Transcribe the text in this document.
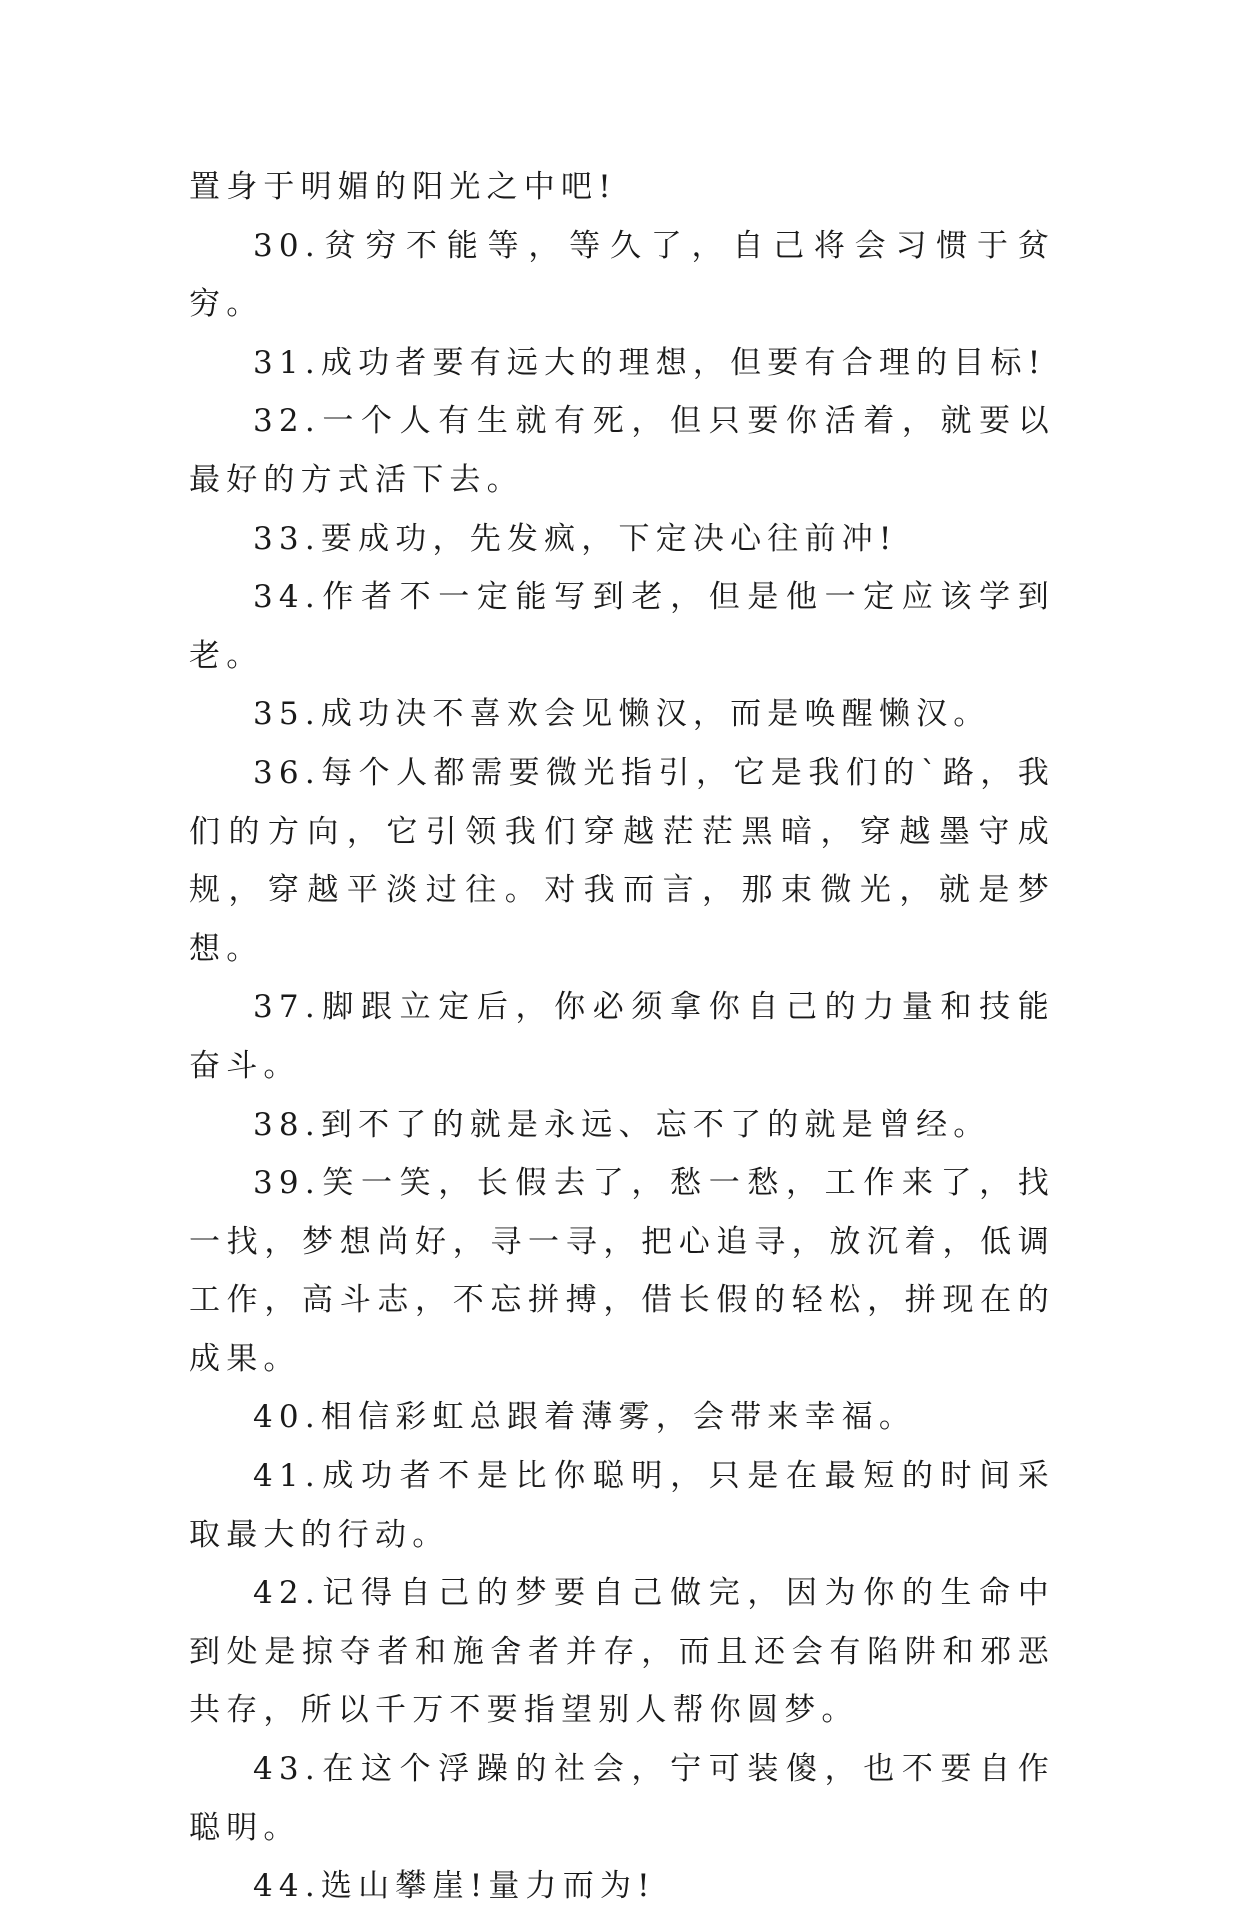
置身于明媚的阳光之中吧!

30.贫穷不能等，等久了，自己将会习惯于贫穷。

31.成功者要有远大的理想，但要有合理的目标!

32.一个人有生就有死，但只要你活着，就要以最好的方式活下去。

33.要成功，先发疯，下定决心往前冲!

34.作者不一定能写到老，但是他一定应该学到老。

35.成功决不喜欢会见懒汉，而是唤醒懒汉。

36.每个人都需要微光指引，它是我们的`路，我们的方向，它引领我们穿越茫茫黑暗，穿越墨守成规，穿越平淡过往。对我而言，那束微光，就是梦想。

37.脚跟立定后，你必须拿你自己的力量和技能奋斗。

38.到不了的就是永远、忘不了的就是曾经。

39.笑一笑，长假去了，愁一愁，工作来了，找一找，梦想尚好，寻一寻，把心追寻，放沉着，低调工作，高斗志，不忘拼搏，借长假的轻松，拼现在的成果。

40.相信彩虹总跟着薄雾，会带来幸福。

41.成功者不是比你聪明，只是在最短的时间采取最大的行动。

42.记得自己的梦要自己做完，因为你的生命中到处是掠夺者和施舍者并存，而且还会有陷阱和邪恶共存，所以千万不要指望别人帮你圆梦。

43.在这个浮躁的社会，宁可装傻，也不要自作聪明。

44.选山攀崖!量力而为!
